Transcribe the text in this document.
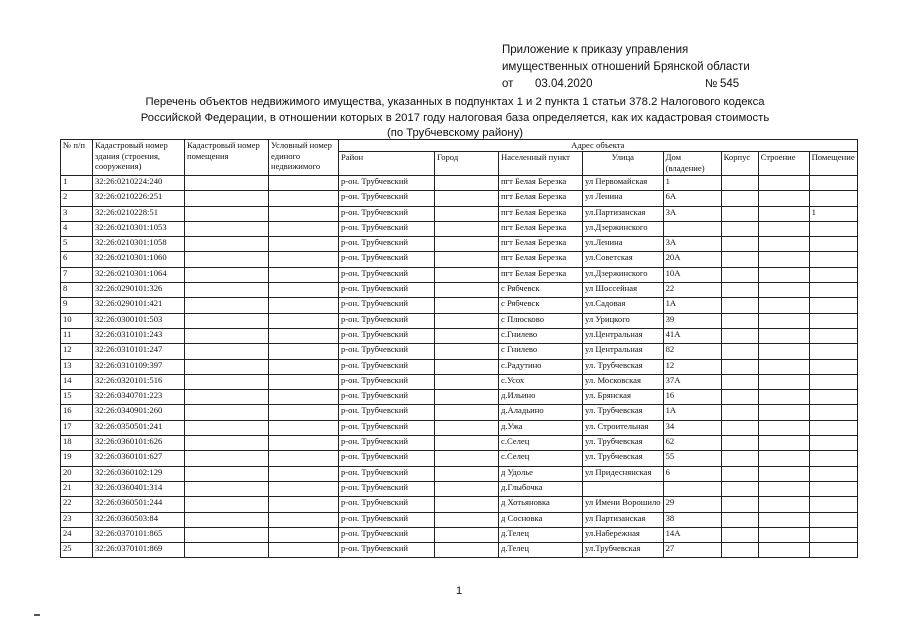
Приложение к приказу управления
имущественных отношений Брянской области
от 03.04.2020	№ 545
Перечень объектов недвижимого имущества, указанных в подпунктах 1 и 2 пункта 1 статьи 378.2 Налогового кодекса
Российской Федерации, в отношении которых в 2017 году налоговая база определяется, как их кадастровая стоимость
(по Трубчевскому району)
№ п/п	Кадастровый номер здания (строения, сооружения)	Кадастровый номер помещения	Условный номер единого недвижимого	Адрес объекта							
				Район	Город	Населенный пункт	Улица	Дом (владение)	Корпус	Строение	Помещение
1	32:26:0210224:240			р-он. Трубчевский		пгт Белая Березка	ул Первомайская	1			
2	32:26:0210226:251			р-он. Трубчевский		пгт Белая Березка	ул Ленина	6А			
3	32:26:0210228:51			р-он. Трубчевский		пгт Белая Березка	ул.Партизанская	3А			1
4	32:26:0210301:1053			р-он. Трубчевский		пгт Белая Березка	ул.Дзержинского				
5	32:26:0210301:1058			р-он. Трубчевский		пгт Белая Березка	ул.Ленина	3А			
6	32:26:0210301:1060			р-он. Трубчевский		пгт Белая Березка	ул.Советская	20А			
7	32:26:0210301:1064			р-он. Трубчевский		пгт Белая Березка	ул.Дзержинского	10А			
8	32:26:0290101:326			р-он. Трубчевский		с Рябчевск	ул Шоссейная	22			
9	32:26:0290101:421			р-он. Трубчевский		с Рябчевск	ул.Садовая	1А			
10	32:26:0300101:503			р-он. Трубчевский		с Плюсково	ул Урицкого	39			
11	32:26:0310101:243			р-он. Трубчевский		с.Гнилево	ул.Центральная	41А			
12	32:26:0310101:247			р-он. Трубчевский		с Гнилево	ул Центральная	82			
13	32:26:0310109:397			р-он. Трубчевский		с.Радутино	ул. Трубчевская	12			
14	32:26:0320101:516			р-он. Трубчевский		с.Усох	ул. Московская	37А			
15	32:26:0340701:223			р-он. Трубчевский		д.Ильино	ул. Брянская	16			
16	32:26:0340901:260			р-он. Трубчевский		д.Аладьино	ул. Трубчевская	1А			
17	32:26:0350501:241			р-он. Трубчевский		д.Ужа	ул. Строительная	34			
18	32:26:0360101:626			р-он. Трубчевский		с.Селец	ул. Трубчевская	62			
19	32:26:0360101:627			р-он. Трубчевский		с.Селец	ул. Трубчевская	55			
20	32:26:0360102:129			р-он. Трубчевский		д Удолье	ул Придеснянская	6			
21	32:26:0360401:314			р-он. Трубчевский		д.Глыбочка					
22	32:26:0360501:244			р-он. Трубчевский		д Хотьяновка	ул Имени Ворошило	29			
23	32:26:0360503:84			р-он. Трубчевский		д Сосновка	ул Партизанская	38			
24	32:26:0370101:865			р-он. Трубчевский		д.Телец	ул.Набережная	14А			
25	32:26:0370101:869			р-он. Трубчевский		д.Телец	ул.Трубчевская	27			
1
